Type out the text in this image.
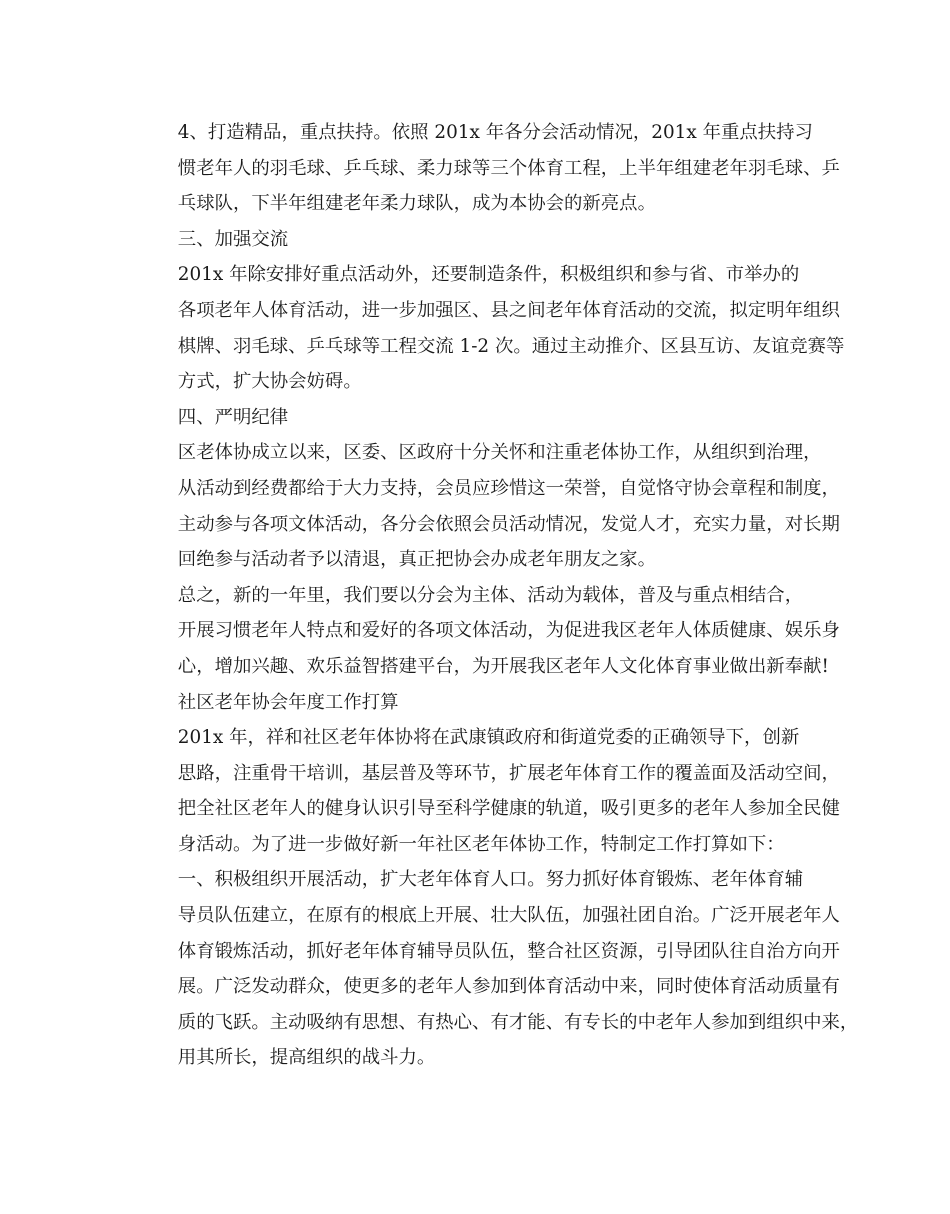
4、打造精品，重点扶持。依照 201x 年各分会活动情况，201x 年重点扶持习
惯老年人的羽毛球、乒乓球、柔力球等三个体育工程，上半年组建老年羽毛球、乒
乓球队，下半年组建老年柔力球队，成为本协会的新亮点。

三、加强交流

201x 年除安排好重点活动外，还要制造条件，积极组织和参与省、市举办的
各项老年人体育活动，进一步加强区、县之间老年体育活动的交流，拟定明年组织
棋牌、羽毛球、乒乓球等工程交流 1-2 次。通过主动推介、区县互访、友谊竞赛等
方式，扩大协会妨碍。

四、严明纪律

区老体协成立以来，区委、区政府十分关怀和注重老体协工作，从组织到治理，
从活动到经费都给于大力支持，会员应珍惜这一荣誉，自觉恪守协会章程和制度，
主动参与各项文体活动，各分会依照会员活动情况，发觉人才，充实力量，对长期
回绝参与活动者予以清退，真正把协会办成老年朋友之家。

总之，新的一年里，我们要以分会为主体、活动为载体，普及与重点相结合，
开展习惯老年人特点和爱好的各项文体活动，为促进我区老年人体质健康、娱乐身
心，增加兴趣、欢乐益智搭建平台，为开展我区老年人文化体育事业做出新奉献!

社区老年协会年度工作打算

201x 年，祥和社区老年体协将在武康镇政府和街道党委的正确领导下，创新
思路，注重骨干培训，基层普及等环节，扩展老年体育工作的覆盖面及活动空间，
把全社区老年人的健身认识引导至科学健康的轨道，吸引更多的老年人参加全民健
身活动。为了进一步做好新一年社区老年体协工作，特制定工作打算如下：

一、积极组织开展活动，扩大老年体育人口。努力抓好体育锻炼、老年体育辅
导员队伍建立，在原有的根底上开展、壮大队伍，加强社团自治。广泛开展老年人
体育锻炼活动，抓好老年体育辅导员队伍，整合社区资源，引导团队往自治方向开
展。广泛发动群众，使更多的老年人参加到体育活动中来，同时使体育活动质量有
质的飞跃。主动吸纳有思想、有热心、有才能、有专长的中老年人参加到组织中来，
用其所长，提高组织的战斗力。
